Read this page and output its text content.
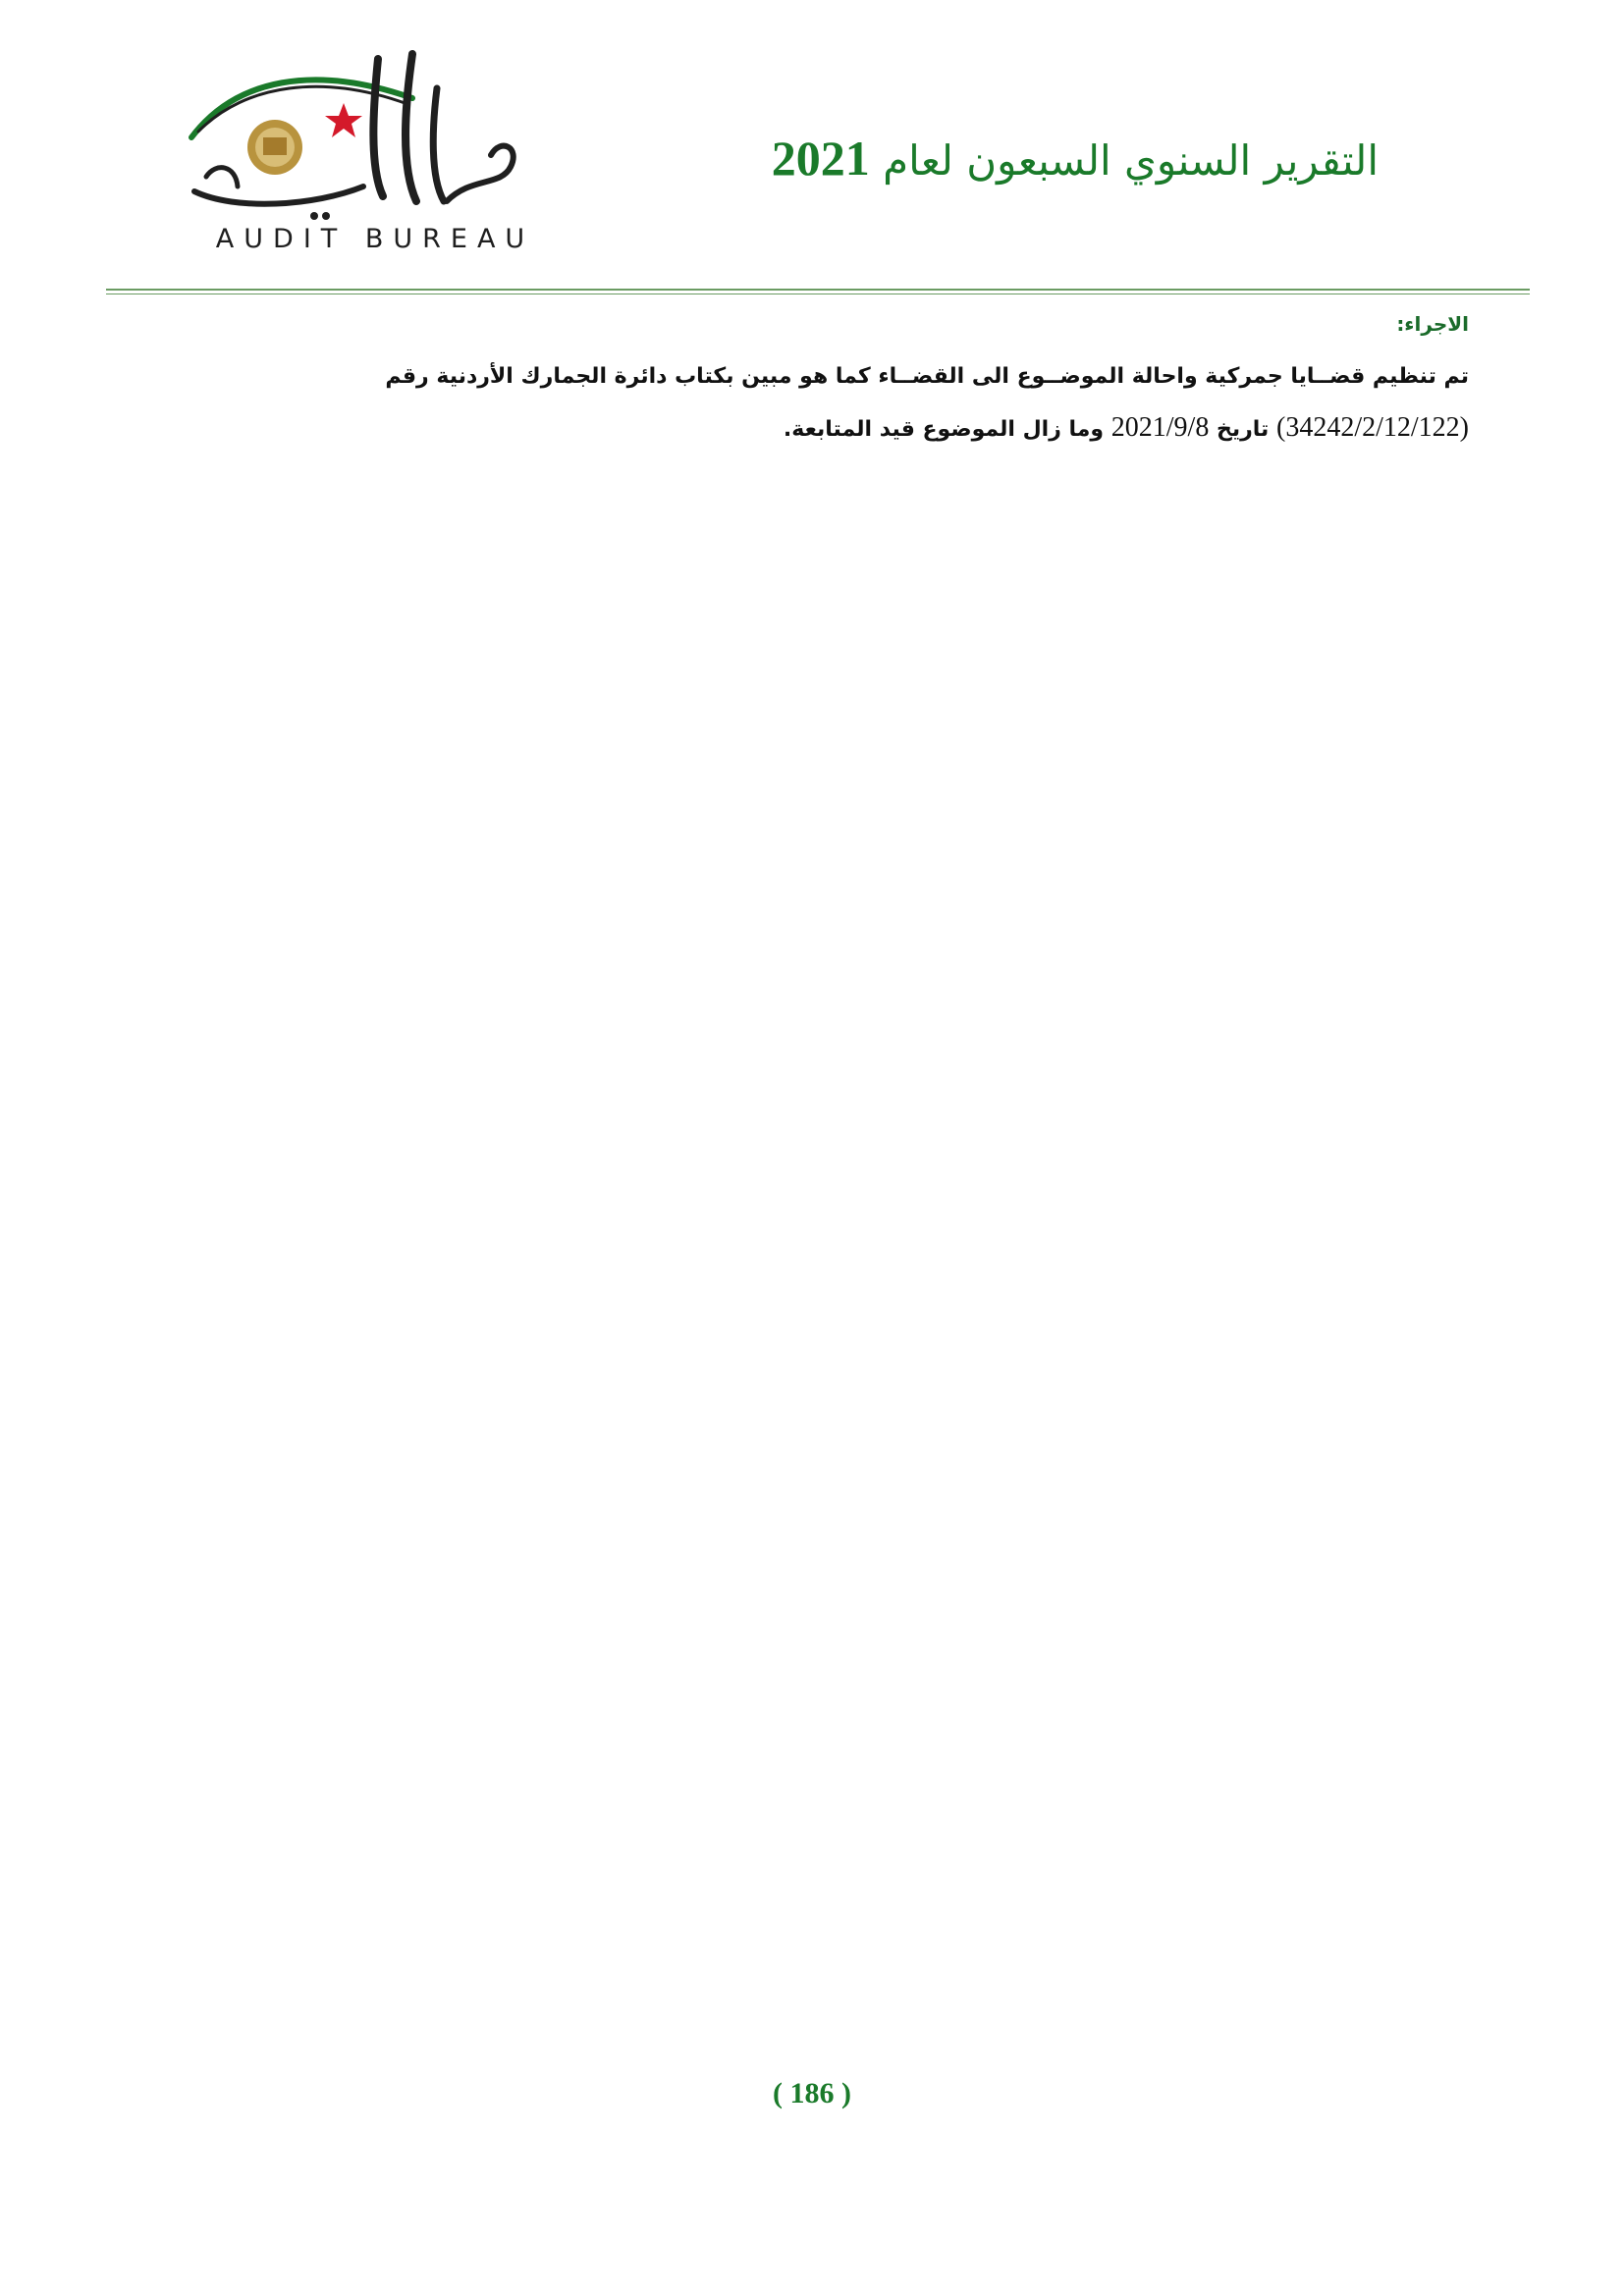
AUDIT BUREAU
التقرير السنوي السبعون لعام 2021

الاجراء:

تم تنظيم قضــايا جمركية واحالة الموضــوع الى القضــاء كما هو مبين بكتاب دائرة الجمارك الأردنية رقم
(34242/2/12/122) تاريخ 2021/9/8 وما زال الموضوع قيد المتابعة.

( 186 )
